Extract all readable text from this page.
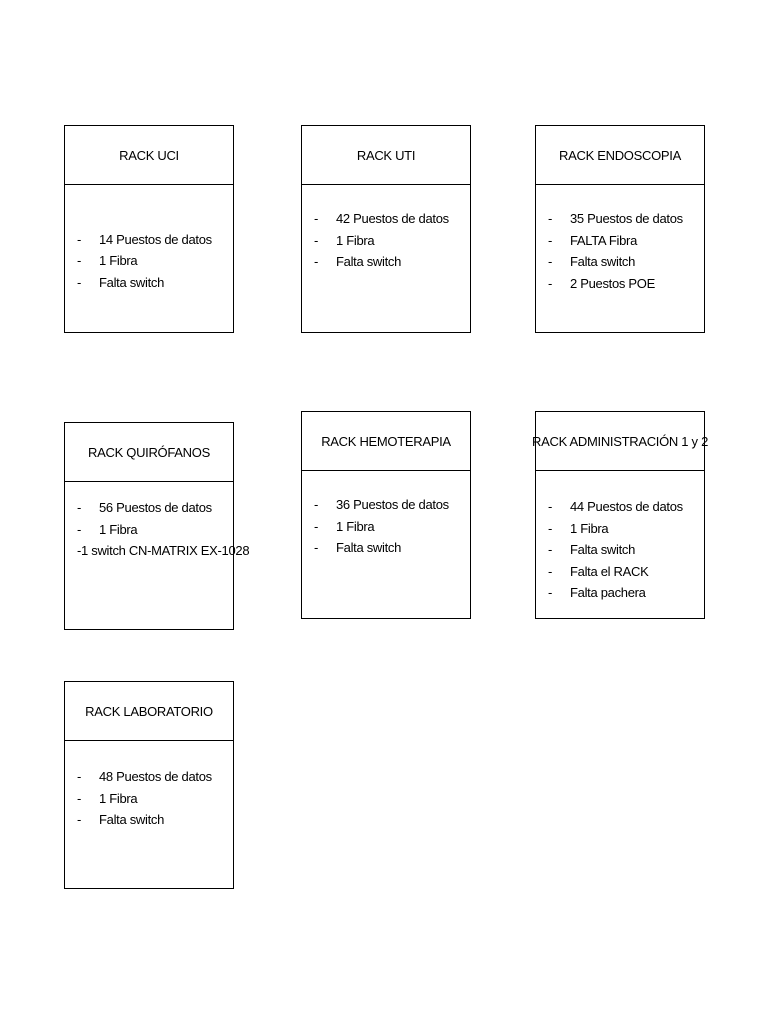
RACK UCI
-	14 Puestos de datos
-	1 Fibra
-	Falta switch
RACK UTI
-	42 Puestos de datos
-	1 Fibra
-	Falta switch
RACK ENDOSCOPIA
-	35 Puestos de datos
-	FALTA Fibra
-	Falta switch
-	2 Puestos POE
RACK QUIRÓFANOS
-	56 Puestos de datos
-	1 Fibra
- 1 switch CN-MATRIX EX-1028
RACK HEMOTERAPIA
-	36 Puestos de datos
-	1 Fibra
-	Falta switch
RACK ADMINISTRACIÓN 1 y 2
-	44 Puestos de datos
-	1 Fibra
-	Falta switch
-	Falta el RACK
-	Falta pachera
RACK LABORATORIO
-	48 Puestos de datos
-	1 Fibra
-	Falta switch
